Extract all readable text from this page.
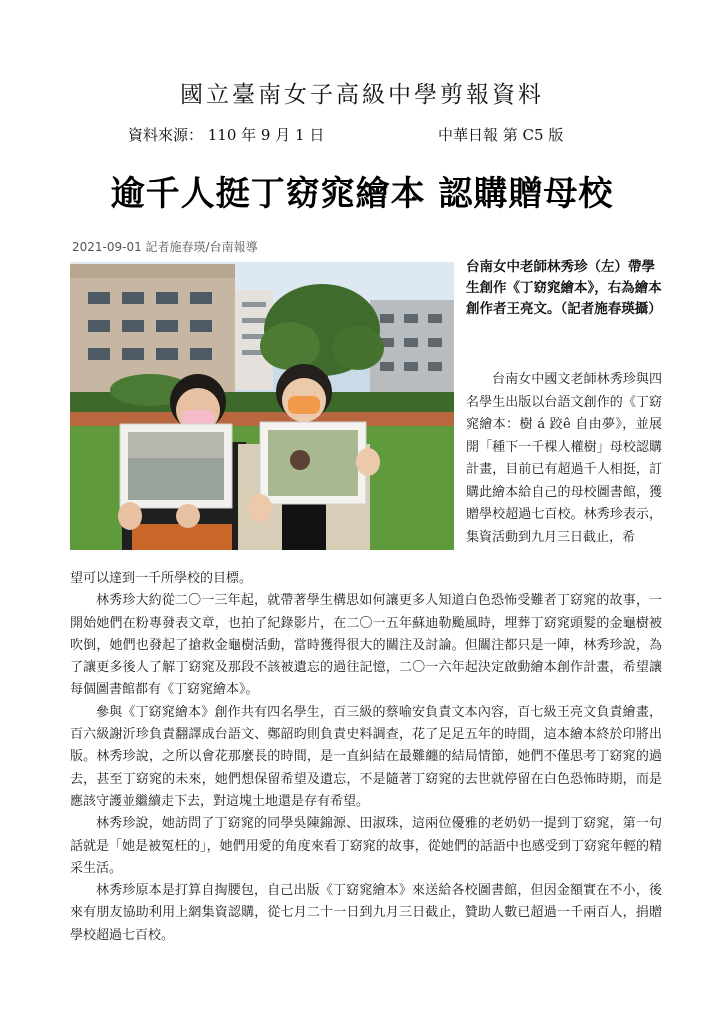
國立臺南女子高級中學剪報資料
資料來源： 110 年 9 月 1 日	中華日報 第 C5 版
逾千人挺丁窈窕繪本 認購贈母校
2021-09-01 記者施春瑛/台南報導
台南女中老師林秀珍（左）帶學生創作《丁窈窕繪本》，右為繪本創作者王亮文。（記者施春瑛攝）
台南女中國文老師林秀珍與四名學生出版以台語文創作的《丁窈窕繪本：樹 á 跤ê 自由夢》，並展開「種下一千棵人權樹」母校認購計畫，目前已有超過千人相挺，訂購此繪本給自己的母校圖書館，獲贈學校超過七百校。林秀珍表示，集資活動到九月三日截止，希

望可以達到一千所學校的目標。

林秀珍大約從二〇一三年起，就帶著學生構思如何讓更多人知道白色恐怖受難者丁窈窕的故事，一開始她們在粉專發表文章，也拍了紀錄影片，在二〇一五年蘇迪勒颱風時，埋葬丁窈窕頭髮的金龜樹被吹倒，她們也發起了搶救金龜樹活動，當時獲得很大的關注及討論。但關注都只是一陣，林秀珍說，為了讓更多後人了解丁窈窕及那段不該被遺忘的過往記憶，二〇一六年起決定啟動繪本創作計畫，希望讓每個圖書館都有《丁窈窕繪本》。

參與《丁窈窕繪本》創作共有四名學生，百三級的蔡喻安負責文本內容，百七級王亮文負責繪畫，百六級謝沂珍負責翻譯成台語文、鄭韶昀則負責史料調查，花了足足五年的時間，這本繪本終於印將出版。林秀珍說，之所以會花那麼長的時間，是一直糾結在最難纏的結局情節，她們不僅思考丁窈窕的過去，甚至丁窈窕的未來，她們想保留希望及遺忘，不是隨著丁窈窕的去世就停留在白色恐怖時期，而是應該守護並繼續走下去，對這塊土地還是存有希望。

林秀珍說，她訪問了丁窈窕的同學吳陳錦源、田淑珠，這兩位優雅的老奶奶一提到丁窈窕，第一句話就是「她是被冤枉的」，她們用愛的角度來看丁窈窕的故事，從她們的話語中也感受到丁窈窕年輕的精采生活。

林秀珍原本是打算自掏腰包，自己出版《丁窈窕繪本》來送給各校圖書館，但因金額實在不小，後來有朋友協助利用上網集資認購，從七月二十一日到九月三日截止，贊助人數已超過一千兩百人，捐贈學校超過七百校。
